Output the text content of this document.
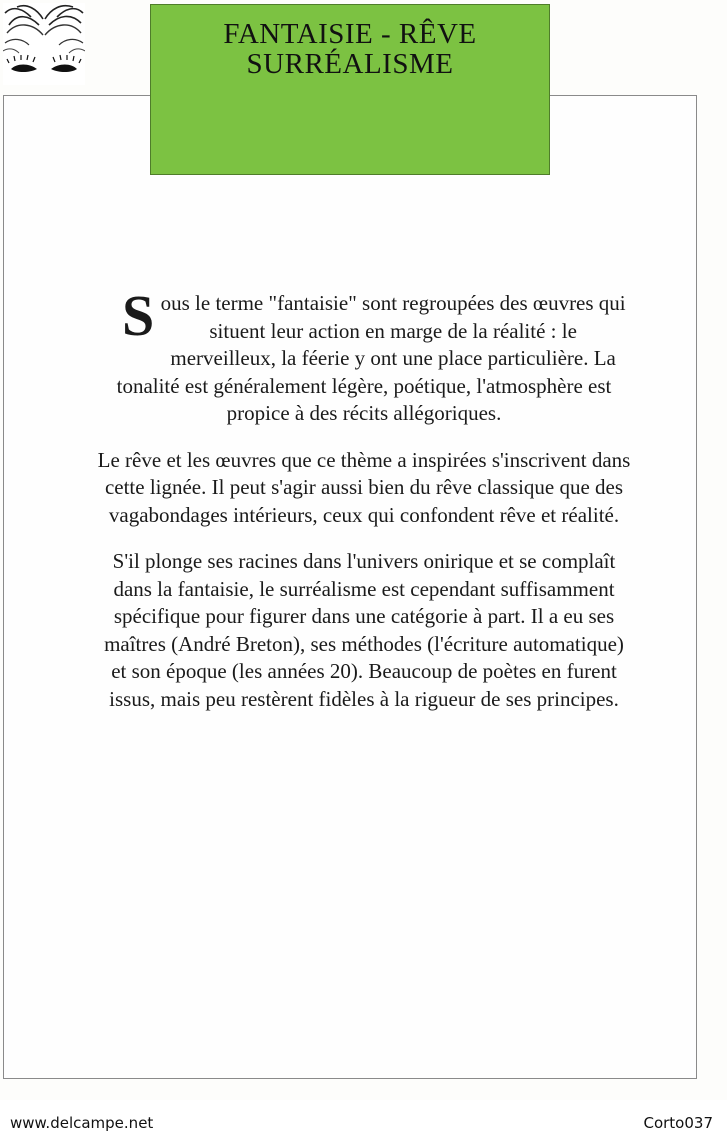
FANTAISIE - RÊVE
SURRÉALISME

Sous le terme "fantaisie" sont regroupées des œuvres qui situent leur action en marge de la réalité : le merveilleux, la féerie y ont une place particulière. La tonalité est généralement légère, poétique, l'atmosphère est propice à des récits allégoriques.

Le rêve et les œuvres que ce thème a inspirées s'inscrivent dans cette lignée. Il peut s'agir aussi bien du rêve classique que des vagabondages intérieurs, ceux qui confondent rêve et réalité.

S'il plonge ses racines dans l'univers onirique et se complaît dans la fantaisie, le surréalisme est cependant suffisamment spécifique pour figurer dans une catégorie à part. Il a eu ses maîtres (André Breton), ses méthodes (l'écriture automatique) et son époque (les années 20). Beaucoup de poètes en furent issus, mais peu restèrent fidèles à la rigueur de ses principes.

www.delcampe.net	Corto037
